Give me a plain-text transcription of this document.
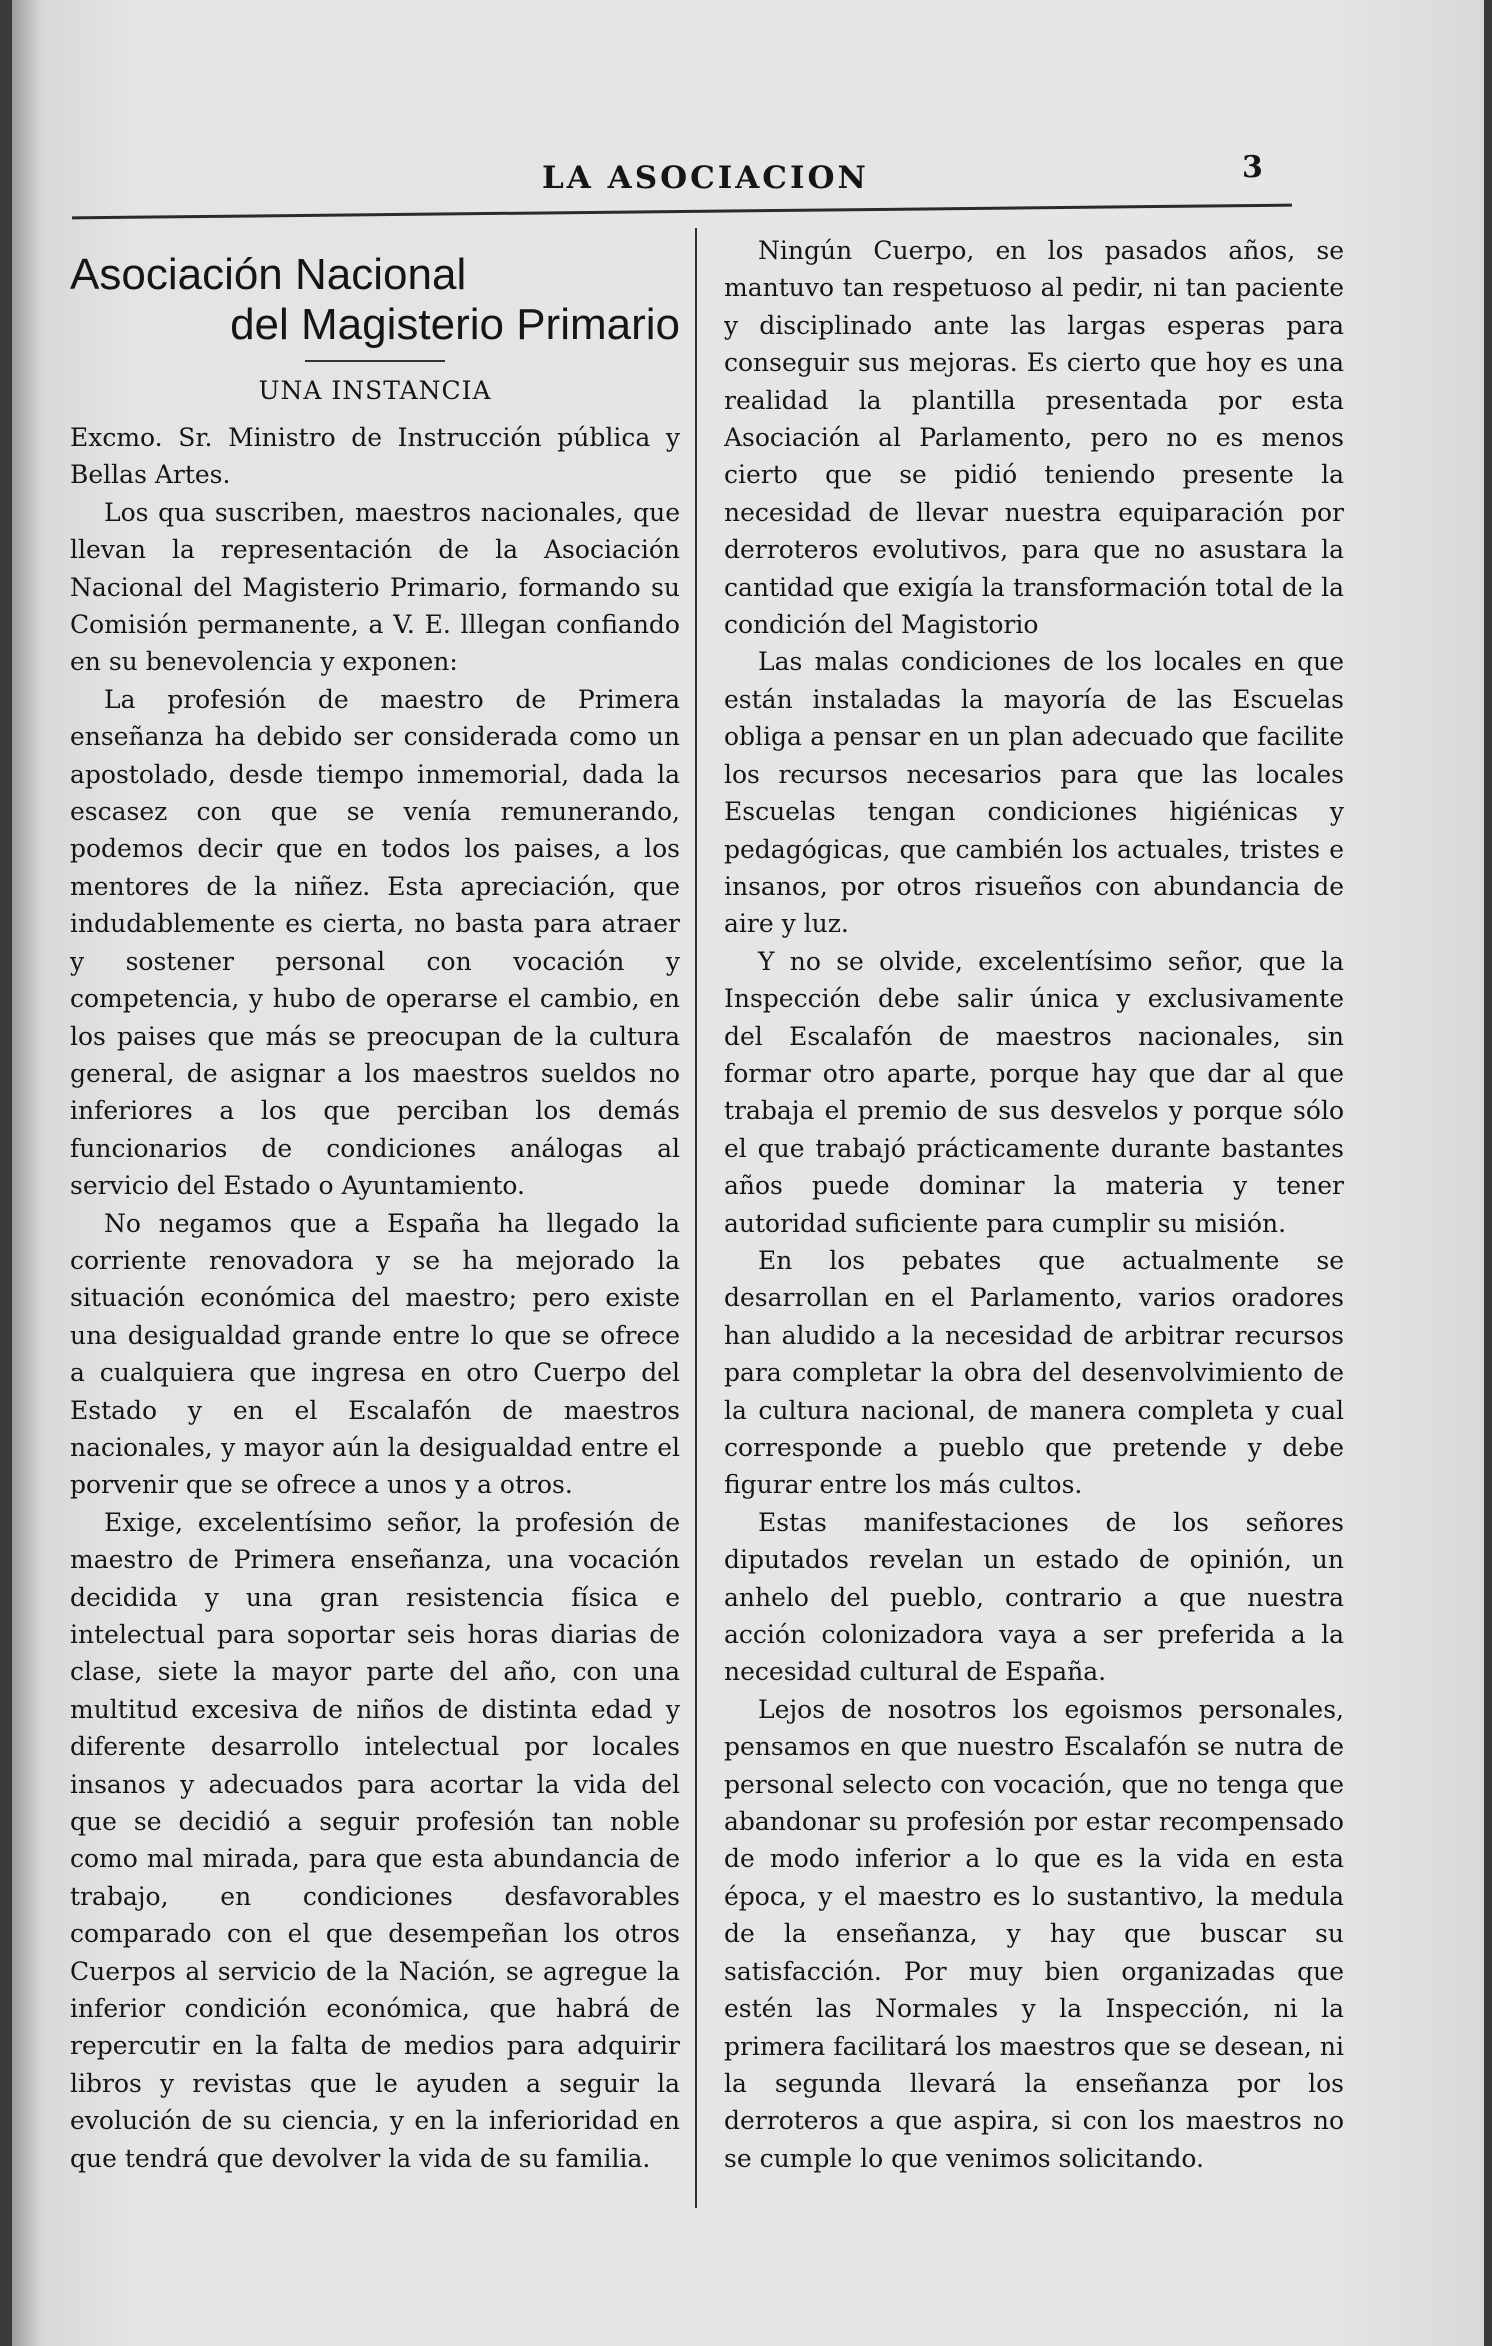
LA ASOCIACION	3
Asociación Nacional
del Magisterio Primario
UNA INSTANCIA

Excmo. Sr. Ministro de Instrucción pública y Bellas Artes.

Los qua suscriben, maestros nacionales, que llevan la representación de la Asociación Nacional del Magisterio Primario, formando su Comisión permanente, a V. E. lllegan confiando en su benevolencia y exponen:

La profesión de maestro de Primera enseñanza ha debido ser considerada como un apostolado, desde tiempo inmemorial, dada la escasez con que se venía remunerando, podemos decir que en todos los paises, a los mentores de la niñez. Esta apreciación, que indudablemente es cierta, no basta para atraer y sostener personal con vocación y competencia, y hubo de operarse el cambio, en los paises que más se preocupan de la cultura general, de asignar a los maestros sueldos no inferiores a los que perciban los demás funcionarios de condiciones análogas al servicio del Estado o Ayuntamiento.

No negamos que a España ha llegado la corriente renovadora y se ha mejorado la situación económica del maestro; pero existe una desigualdad grande entre lo que se ofrece a cualquiera que ingresa en otro Cuerpo del Estado y en el Escalafón de maestros nacionales, y mayor aún la desigualdad entre el porvenir que se ofrece a unos y a otros.

Exige, excelentísimo señor, la profesión de maestro de Primera enseñanza, una vocación decidida y una gran resistencia física e intelectual para soportar seis horas diarias de clase, siete la mayor parte del año, con una multitud excesiva de niños de distinta edad y diferente desarrollo intelectual por locales insanos y adecuados para acortar la vida del que se decidió a seguir profesión tan noble como mal mirada, para que esta abundancia de trabajo, en condiciones desfavorables comparado con el que desempeñan los otros Cuerpos al servicio de la Nación, se agregue la inferior condición económica, que habrá de repercutir en la falta de medios para adquirir libros y revistas que le ayuden a seguir la evolución de su ciencia, y en la inferioridad en que tendrá que devolver la vida de su familia.

Ningún Cuerpo, en los pasados años, se mantuvo tan respetuoso al pedir, ni tan paciente y disciplinado ante las largas esperas para conseguir sus mejoras. Es cierto que hoy es una realidad la plantilla presentada por esta Asociación al Parlamento, pero no es menos cierto que se pidió teniendo presente la necesidad de llevar nuestra equiparación por derroteros evolutivos, para que no asustara la cantidad que exigía la transformación total de la condición del Magistorio

Las malas condiciones de los locales en que están instaladas la mayoría de las Escuelas obliga a pensar en un plan adecuado que facilite los recursos necesarios para que las locales Escuelas tengan condiciones higiénicas y pedagógicas, que cambién los actuales, tristes e insanos, por otros risueños con abundancia de aire y luz.

Y no se olvide, excelentísimo señor, que la Inspección debe salir única y exclusivamente del Escalafón de maestros nacionales, sin formar otro aparte, porque hay que dar al que trabaja el premio de sus desvelos y porque sólo el que trabajó prácticamente durante bastantes años puede dominar la materia y tener autoridad suficiente para cumplir su misión.

En los pebates que actualmente se desarrollan en el Parlamento, varios oradores han aludido a la necesidad de arbitrar recursos para completar la obra del desenvolvimiento de la cultura nacional, de manera completa y cual corresponde a pueblo que pretende y debe figurar entre los más cultos.

Estas manifestaciones de los señores diputados revelan un estado de opinión, un anhelo del pueblo, contrario a que nuestra acción colonizadora vaya a ser preferida a la necesidad cultural de España.

Lejos de nosotros los egoismos personales, pensamos en que nuestro Escalafón se nutra de personal selecto con vocación, que no tenga que abandonar su profesión por estar recompensado de modo inferior a lo que es la vida en esta época, y el maestro es lo sustantivo, la medula de la enseñanza, y hay que buscar su satisfacción. Por muy bien organizadas que estén las Normales y la Inspección, ni la primera facilitará los maestros que se desean, ni la segunda llevará la enseñanza por los derroteros a que aspira, si con los maestros no se cumple lo que venimos solicitando.
